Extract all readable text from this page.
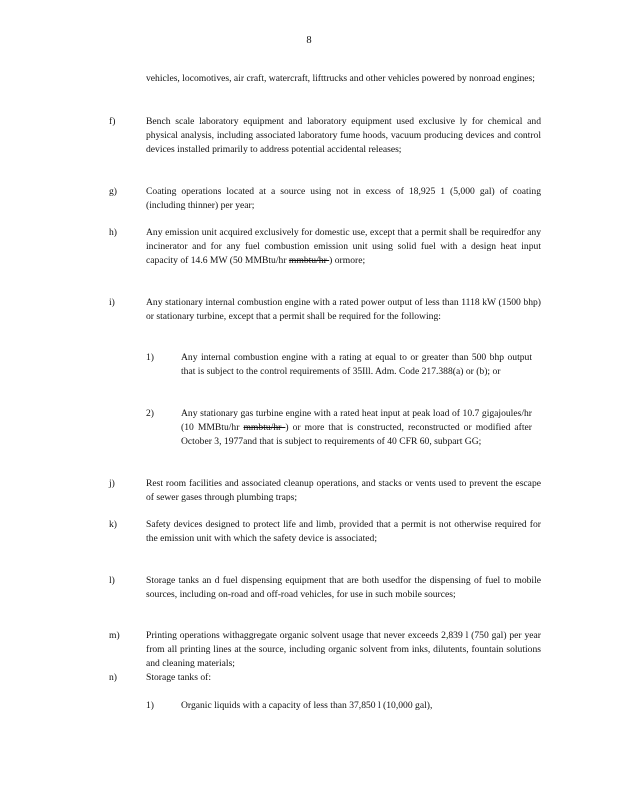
8

vehicles, locomotives, air craft, watercraft, lifttrucks and other vehicles powered by nonroad engines;

f)	Bench scale laboratory equipment and laboratory equipment used exclusive ly for chemical and physical analysis, including associated laboratory fume hoods, vacuum producing devices and control devices installed primarily to address potential accidental releases;

g)	Coating operations located at a source using not in excess of 18,925 1 (5,000 gal) of coating (including thinner) per year;

h)	Any emission unit acquired exclusively for domestic use, except that a permit shall be requiredfor any incinerator and for any fuel combustion emission unit using solid fuel with a design heat input capacity of 14.6 MW (50 MMBtu/hr mmbtu/hr ) ormore;

i)	Any stationary internal combustion engine with a rated power output of less than 1118 kW (1500 bhp) or stationary turbine, except that a permit shall be required for the following:

1)	Any internal combustion engine with a rating at equal to or greater than 500 bhp output that is subject to the control requirements of 35Ill. Adm. Code 217.388(a) or (b); or

2)	Any stationary gas turbine engine with a rated heat input at peak load of 10.7 gigajoules/hr (10 MMBtu/hr mmbtu/hr ) or more that is constructed, reconstructed or modified after October 3, 1977and that is subject to requirements of 40 CFR 60, subpart GG;

j)	Rest room facilities and associated cleanup operations, and stacks or vents used to prevent the escape of sewer gases through plumbing traps;

k)	Safety devices designed to protect life and limb, provided that a permit is not otherwise required for the emission unit with which the safety device is associated;

l)	Storage tanks an d fuel dispensing equipment that are both usedfor the dispensing of fuel to mobile sources, including on-road and off-road vehicles, for use in such mobile sources;

m)	Printing operations withaggregate organic solvent usage that never exceeds 2,839 l (750 gal) per year from all printing lines at the source, including organic solvent from inks, dilutents, fountain solutions and cleaning materials;

n)	Storage tanks of:

1)	Organic liquids with a capacity of less than 37,850 l (10,000 gal),
